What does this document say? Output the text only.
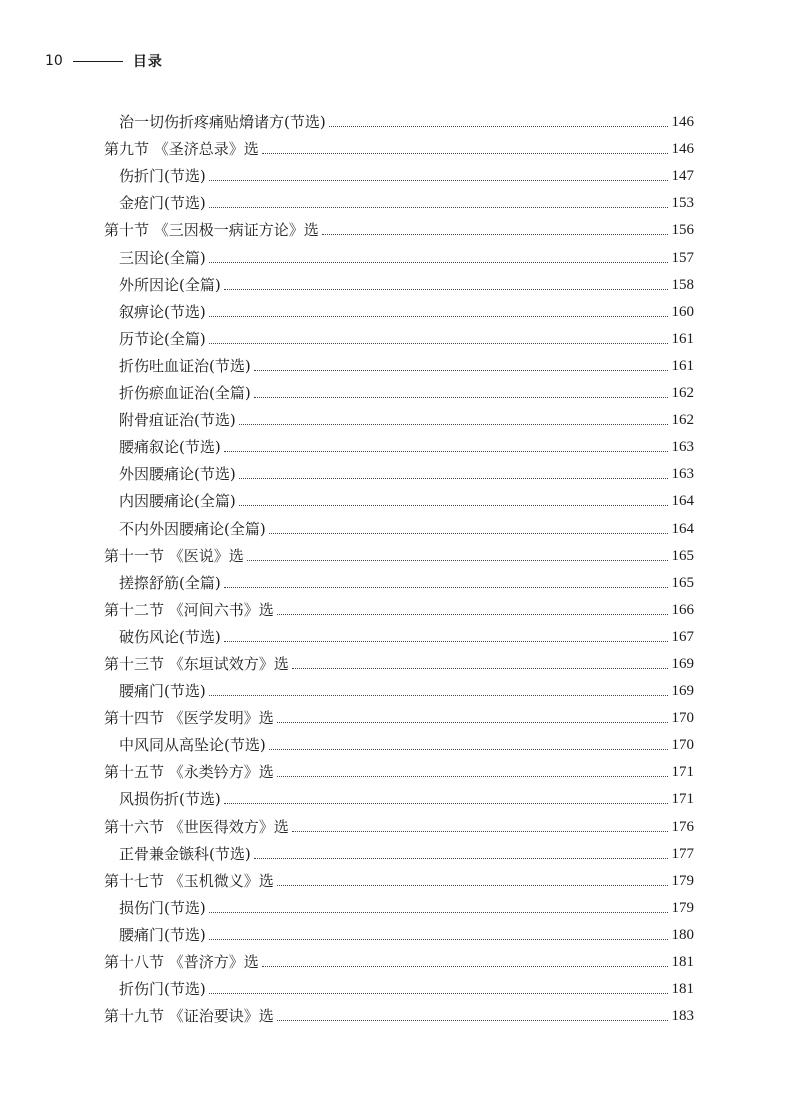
10	目录
治一切伤折疼痛贴熁诸方(节选)	146
第九节 《圣济总录》选	146
伤折门(节选)	147
金疮门(节选)	153
第十节 《三因极一病证方论》选	156
三因论(全篇)	157
外所因论(全篇)	158
叙痹论(节选)	160
历节论(全篇)	161
折伤吐血证治(节选)	161
折伤瘀血证治(全篇)	162
附骨疽证治(节选)	162
腰痛叙论(节选)	163
外因腰痛论(节选)	163
内因腰痛论(全篇)	164
不内外因腰痛论(全篇)	164
第十一节 《医说》选	165
搓摖舒筋(全篇)	165
第十二节 《河间六书》选	166
破伤风论(节选)	167
第十三节 《东垣试效方》选	169
腰痛门(节选)	169
第十四节 《医学发明》选	170
中风同从高坠论(节选)	170
第十五节 《永类钤方》选	171
风损伤折(节选)	171
第十六节 《世医得效方》选	176
正骨兼金镞科(节选)	177
第十七节 《玉机微义》选	179
损伤门(节选)	179
腰痛门(节选)	180
第十八节 《普济方》选	181
折伤门(节选)	181
第十九节 《证治要诀》选	183
